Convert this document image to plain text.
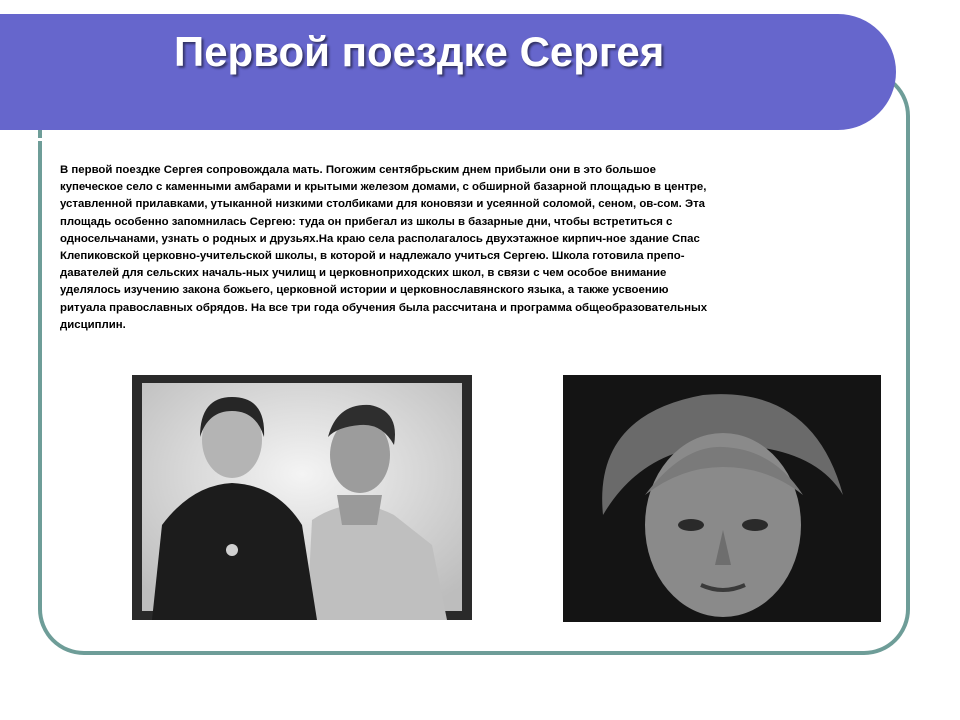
Первой поездке Сергея
В первой поездке Сергея сопровождала мать. Погожим сентябрьским днем прибыли они в это большое
купеческое село с каменными амбарами и крытыми железом домами, с обширной базарной площадью в центре,
уставленной прилавками, утыканной низкими столбиками для коновязи и усеянной соломой, сеном, ов-сом. Эта
площадь особенно запомнилась Сергею: туда он прибегал из школы в базарные дни, чтобы встретиться с
односельчанами, узнать о родных и друзьях.На краю села располагалось двухэтажное кирпич-ное здание Спас
Клепиковской церковно-учительской школы, в которой и надлежало учиться Сергею. Школа готовила препо-
давателей для сельских началь-ных училищ и церковноприходских школ, в связи с чем особое внимание
уделялось изучению закона божьего, церковной истории и церковнославянского языка, а также усвоению
ритуала православных обрядов. На все три года обучения была рассчитана и программа общеобразовательных
дисциплин.
